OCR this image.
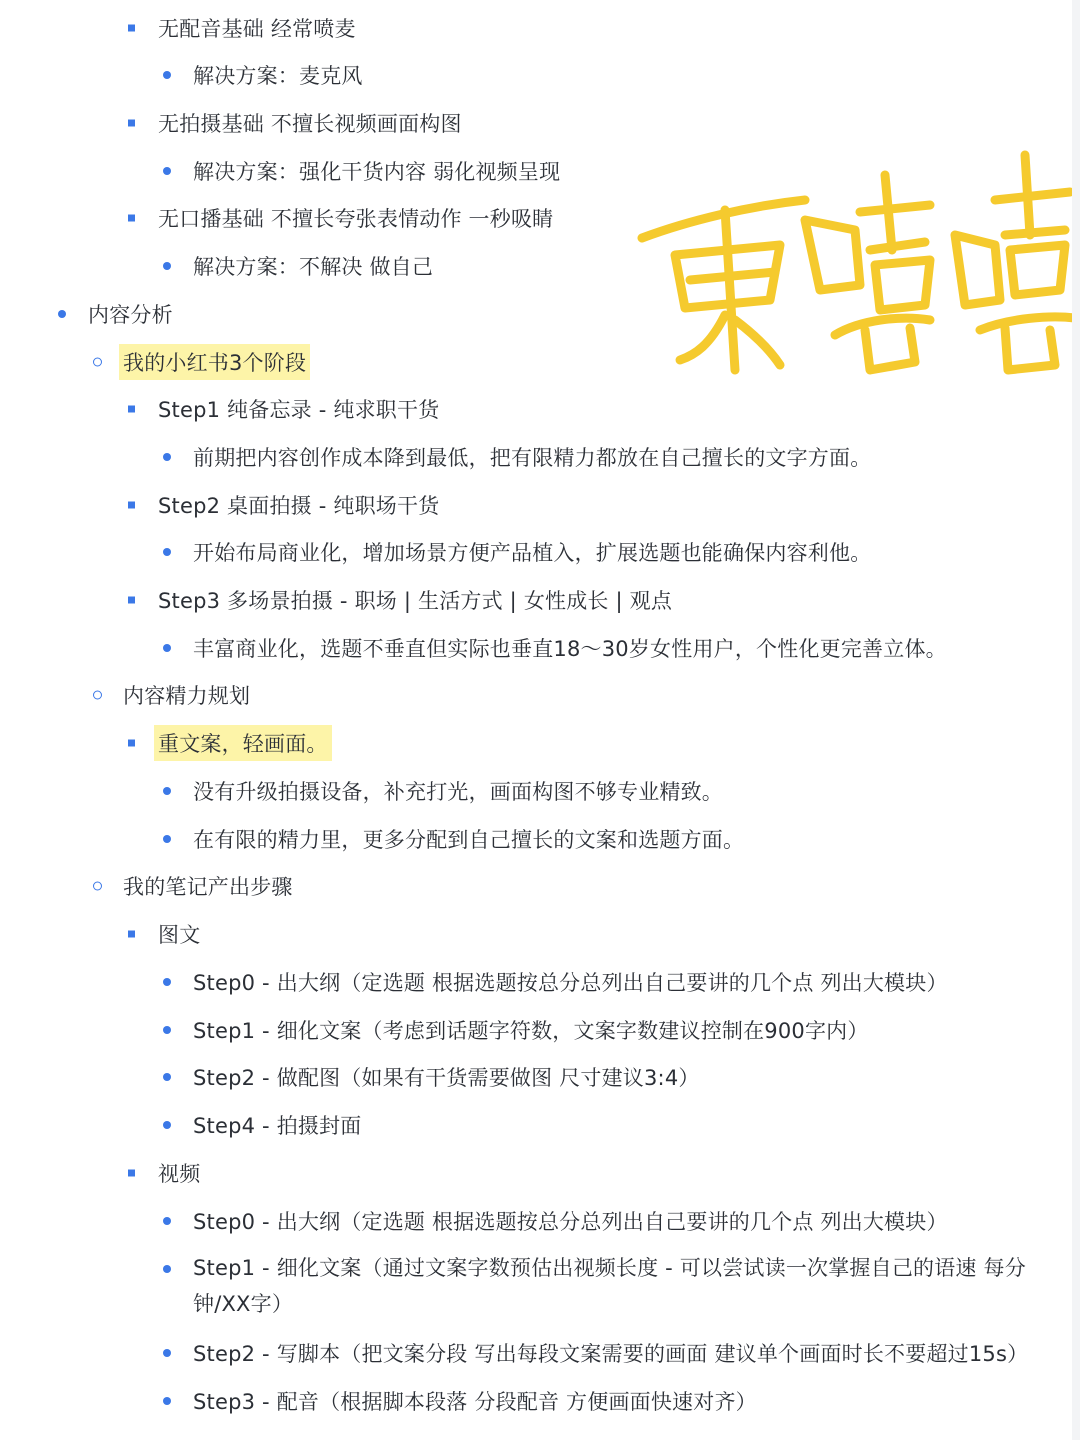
无配音基础 经常喷麦
解决方案：麦克风
无拍摄基础 不擅长视频画面构图
解决方案：强化干货内容 弱化视频呈现
无口播基础 不擅长夸张表情动作 一秒吸睛
解决方案：不解决 做自己
内容分析
我的小红书3个阶段
Step1 纯备忘录 - 纯求职干货
前期把内容创作成本降到最低，把有限精力都放在自己擅长的文字方面。
Step2 桌面拍摄 - 纯职场干货
开始布局商业化，增加场景方便产品植入，扩展选题也能确保内容利他。
Step3 多场景拍摄 - 职场 | 生活方式 | 女性成长 | 观点
丰富商业化，选题不垂直但实际也垂直18～30岁女性用户，个性化更完善立体。
内容精力规划
重文案，轻画面。
没有升级拍摄设备，补充打光，画面构图不够专业精致。
在有限的精力里，更多分配到自己擅长的文案和选题方面。
我的笔记产出步骤
图文
Step0 - 出大纲（定选题 根据选题按总分总列出自己要讲的几个点 列出大模块）
Step1 - 细化文案（考虑到话题字符数，文案字数建议控制在900字内）
Step2 - 做配图（如果有干货需要做图 尺寸建议3:4）
Step4 - 拍摄封面
视频
Step0 - 出大纲（定选题 根据选题按总分总列出自己要讲的几个点 列出大模块）
Step1 - 细化文案（通过文案字数预估出视频长度 - 可以尝试读一次掌握自己的语速 每分钟/XX字）
Step2 - 写脚本（把文案分段 写出每段文案需要的画面 建议单个画面时长不要超过15s）
Step3 - 配音（根据脚本段落 分段配音 方便画面快速对齐）
